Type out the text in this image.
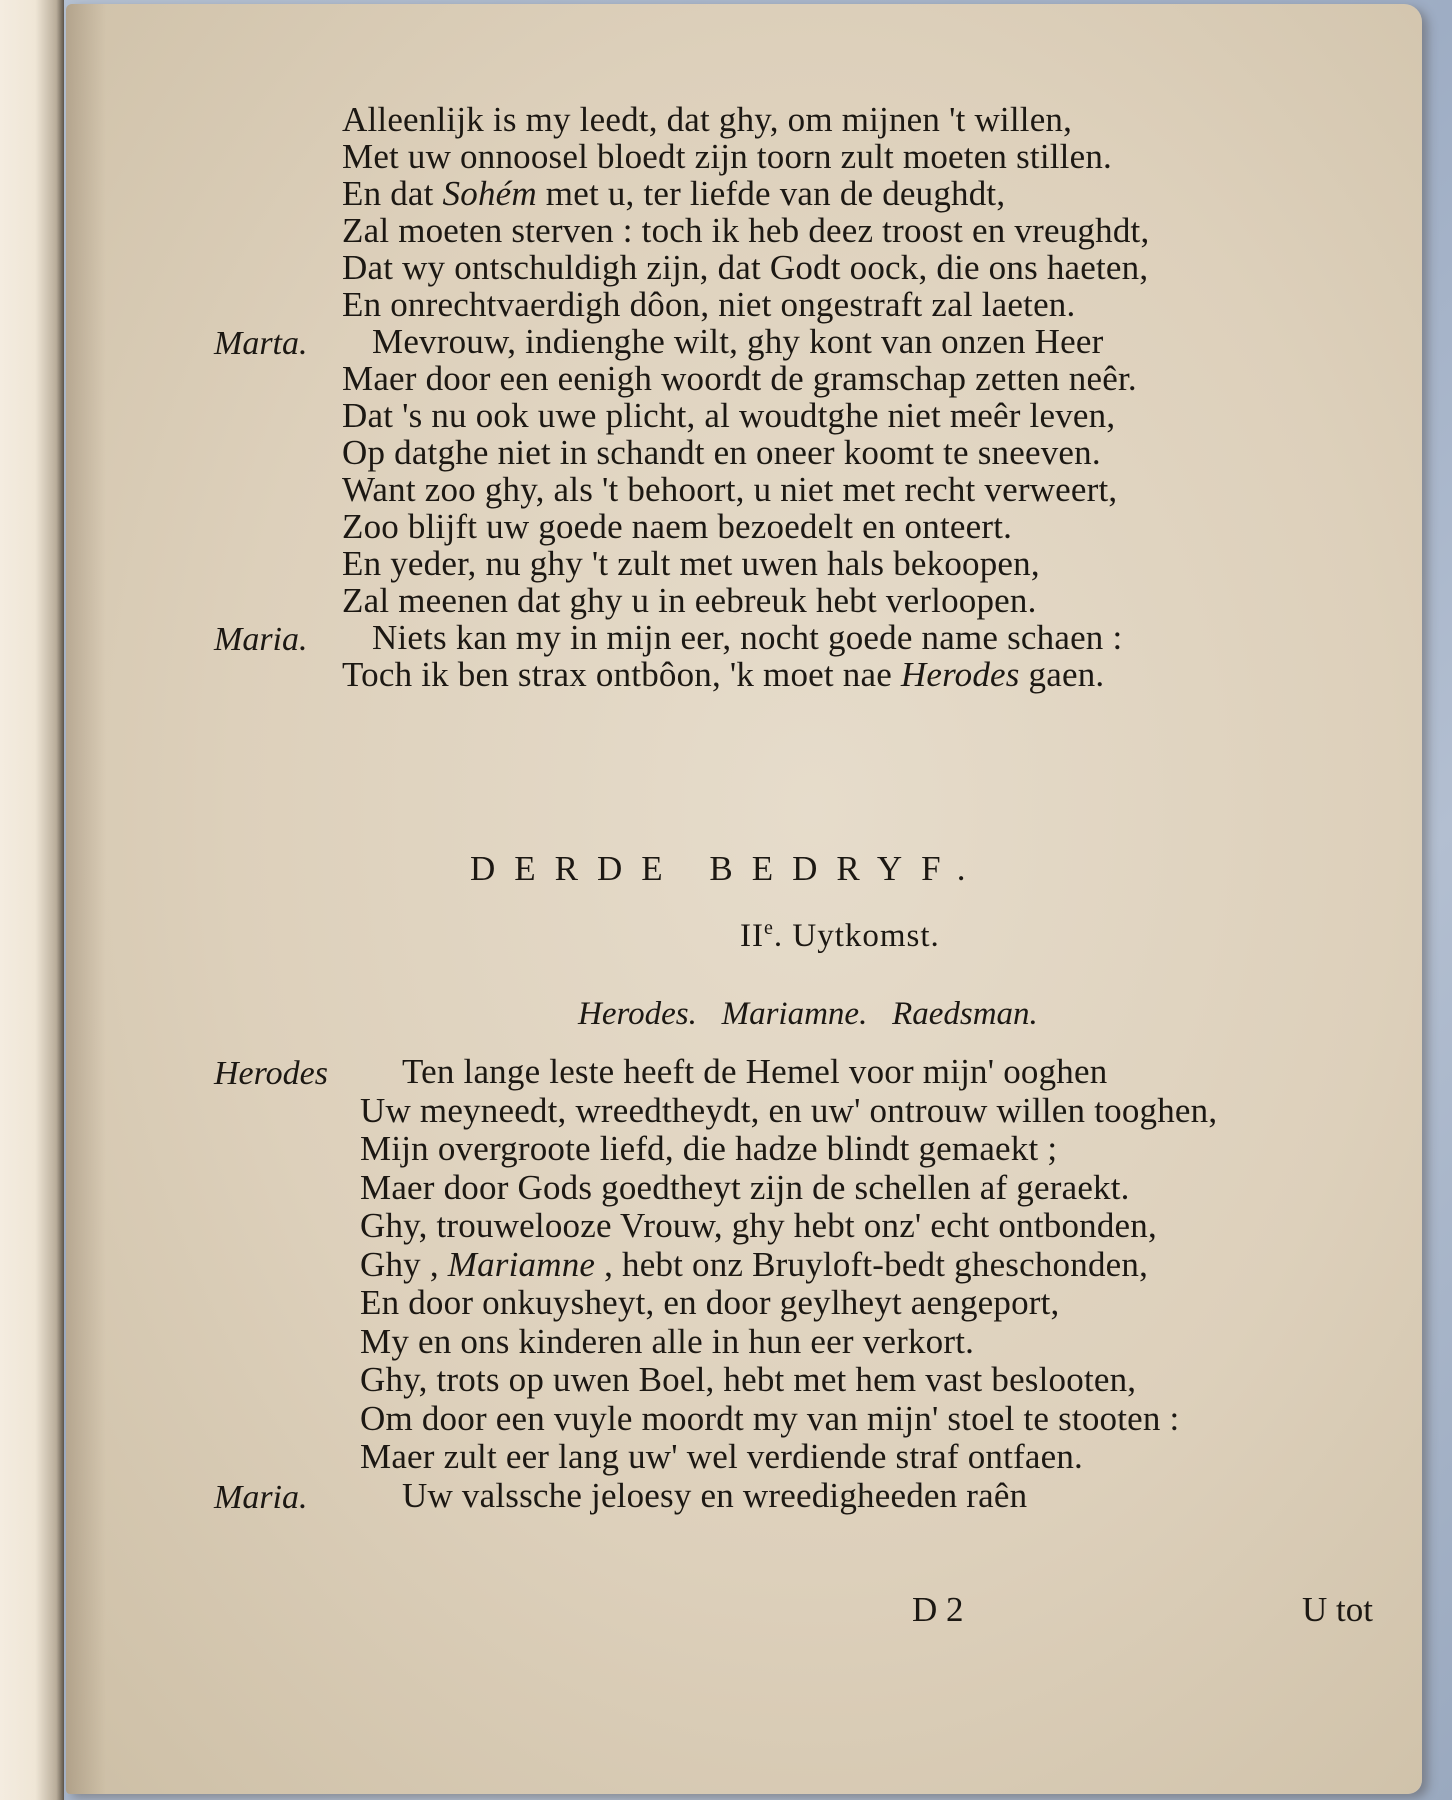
Alleenlijk is my leedt, dat ghy, om mijnen 't willen,
Met uw onnoosel bloedt zijn toorn zult moeten stillen.
En dat Sohém met u, ter liefde van de deughdt,
Zal moeten sterven : toch ik heb deez troost en vreughdt,
Dat wy ontschuldigh zijn, dat Godt oock, die ons haeten,
En onrechtvaerdigh dôon, niet ongestraft zal laeten.
Marta. Mevrouw, indienghe wilt, ghy kont van onzen Heer
Maer door een eenigh woordt de gramschap zetten neêr.
Dat 's nu ook uwe plicht, al woudtghe niet meêr leven,
Op datghe niet in schandt en oneer koomt te sneeven.
Want zoo ghy, als 't behoort, u niet met recht verweert,
Zoo blijft uw goede naem bezoedelt en onteert.
En yeder, nu ghy 't zult met uwen hals bekoopen,
Zal meenen dat ghy u in eebreuk hebt verloopen.
Maria. Niets kan my in mijn eer, nocht goede name schaen :
Toch ik ben strax ontbôon, 'k moet nae Herodes gaen.
DERDE BEDRYF.
IIe. Uytkomst.
Herodes.   Mariamne.   Raedsman.
Herodes Ten lange leste heeft de Hemel voor mijn' ooghen
Uw meyneedt, wreedtheydt, en uw' ontrouw willen tooghen,
Mijn overgroote liefd, die hadze blindt gemaekt ;
Maer door Gods goedtheyt zijn de schellen af geraekt.
Ghy, trouwelooze Vrouw, ghy hebt onz' echt ontbonden,
Ghy , Mariamne , hebt onz Bruyloft-bedt gheschonden,
En door onkuysheyt, en door geylheyt aengeport,
My en ons kinderen alle in hun eer verkort.
Ghy, trots op uwen Boel, hebt met hem vast beslooten,
Om door een vuyle moordt my van mijn' stoel te stooten :
Maer zult eer lang uw' wel verdiende straf ontfaen.
Maria.	Uw valssche jeloesy en wreedigheeden raên
D 2	U tot
